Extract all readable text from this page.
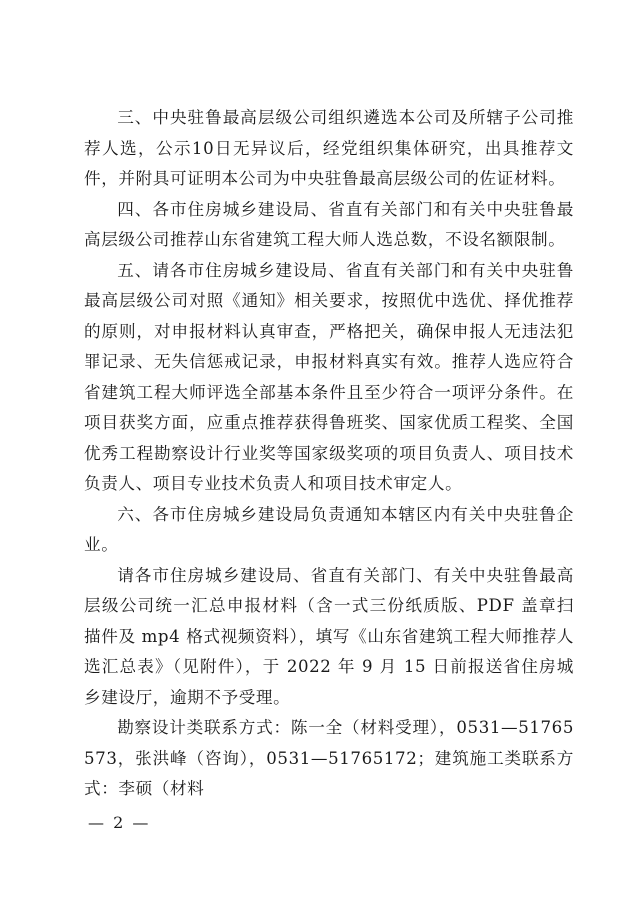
三、中央驻鲁最高层级公司组织遴选本公司及所辖子公司推荐人选，公示10日无异议后，经党组织集体研究，出具推荐文件，并附具可证明本公司为中央驻鲁最高层级公司的佐证材料。

四、各市住房城乡建设局、省直有关部门和有关中央驻鲁最高层级公司推荐山东省建筑工程大师人选总数，不设名额限制。

五、请各市住房城乡建设局、省直有关部门和有关中央驻鲁最高层级公司对照《通知》相关要求，按照优中选优、择优推荐的原则，对申报材料认真审查，严格把关，确保申报人无违法犯罪记录、无失信惩戒记录，申报材料真实有效。推荐人选应符合省建筑工程大师评选全部基本条件且至少符合一项评分条件。在项目获奖方面，应重点推荐获得鲁班奖、国家优质工程奖、全国优秀工程勘察设计行业奖等国家级奖项的项目负责人、项目技术负责人、项目专业技术负责人和项目技术审定人。

六、各市住房城乡建设局负责通知本辖区内有关中央驻鲁企业。

请各市住房城乡建设局、省直有关部门、有关中央驻鲁最高层级公司统一汇总申报材料（含一式三份纸质版、PDF 盖章扫描件及 mp4 格式视频资料），填写《山东省建筑工程大师推荐人选汇总表》（见附件），于 2022 年 9 月 15 日前报送省住房城乡建设厅，逾期不予受理。

勘察设计类联系方式：陈一全（材料受理），0531—51765573，张洪峰（咨询），0531—51765172；建筑施工类联系方式：李硕（材料

— 2 —
